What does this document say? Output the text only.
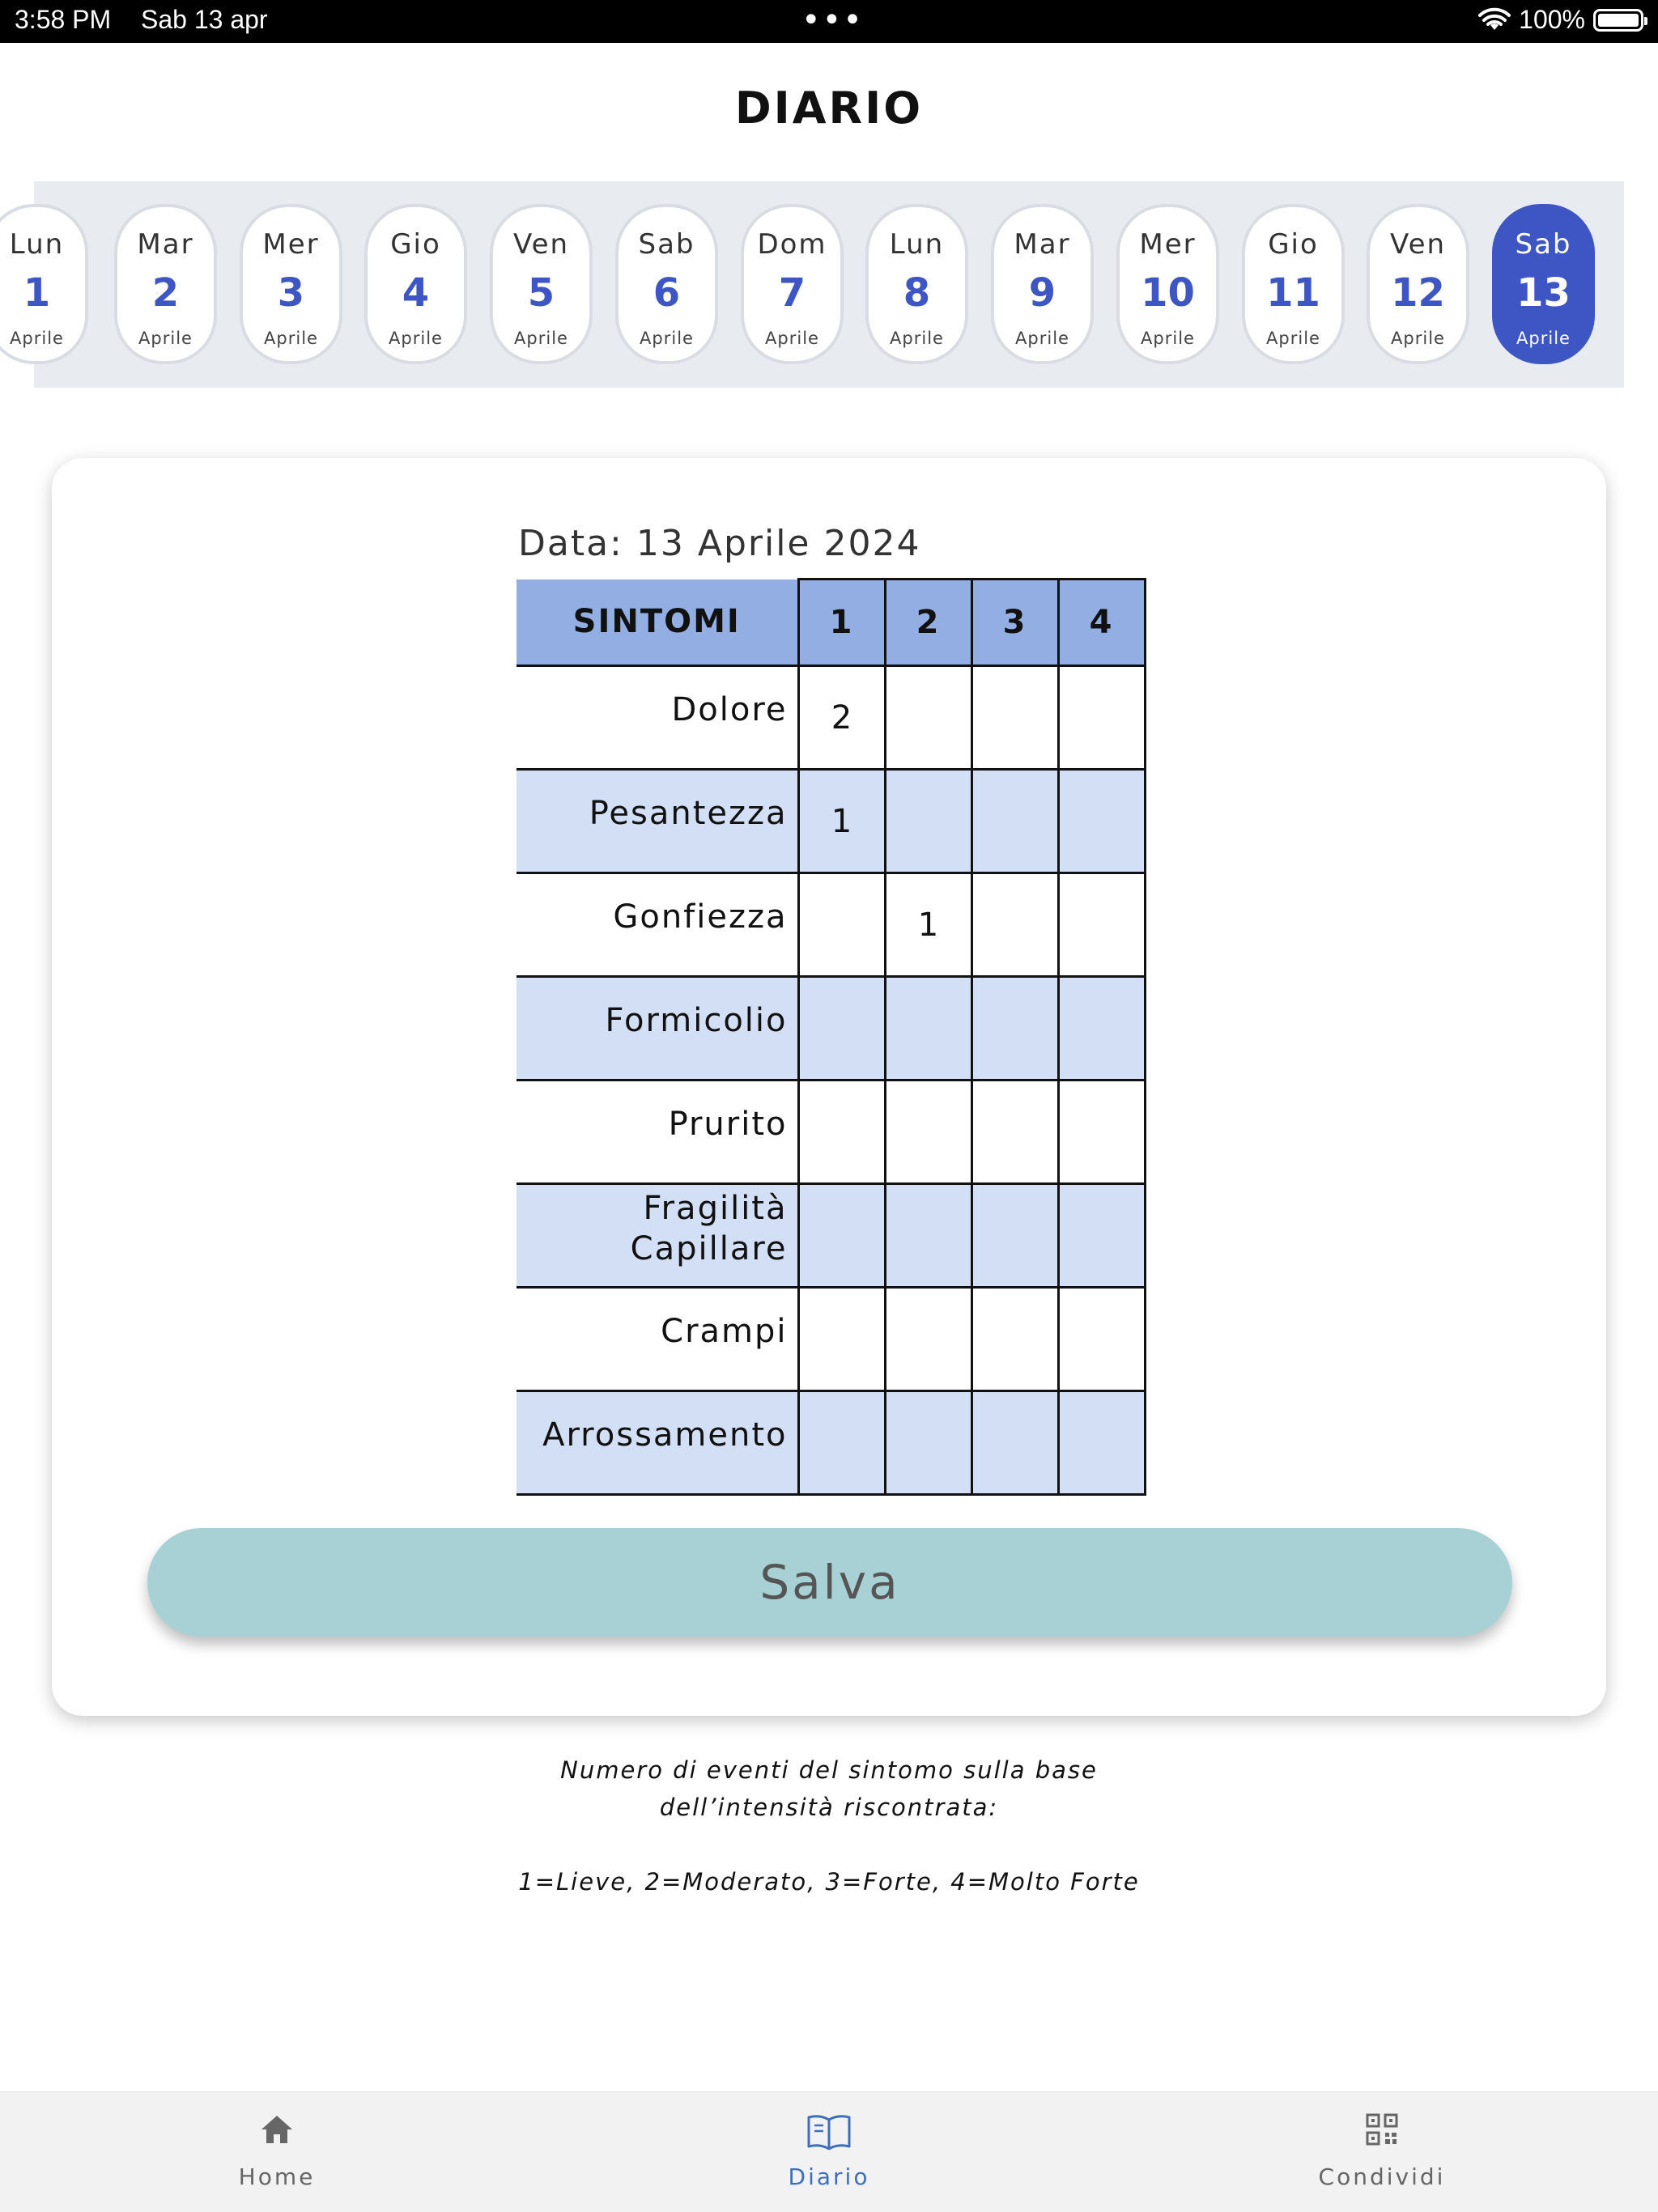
3:58 PM Sab 13 apr	•••	100%
DIARIO
Lun
1
Aprile
Mar
2
Aprile
Mer
3
Aprile
Gio
4
Aprile
Ven
5
Aprile
Sab
6
Aprile
Dom
7
Aprile
Lun
8
Aprile
Mar
9
Aprile
Mer
10
Aprile
Gio
11
Aprile
Ven
12
Aprile
Sab
13
Aprile
Data: 13 Aprile 2024
SINTOMI	1	2	3	4
Dolore	2			
Pesantezza	1			
Gonfiezza		1		
Formicolio				
Prurito				
Fragilità Capillare				
Crampi				
Arrossamento				
Salva
Numero di eventi del sintomo sulla base
dell’intensità riscontrata:
1=Lieve, 2=Moderato, 3=Forte, 4=Molto Forte
Home	Diario	Condividi
